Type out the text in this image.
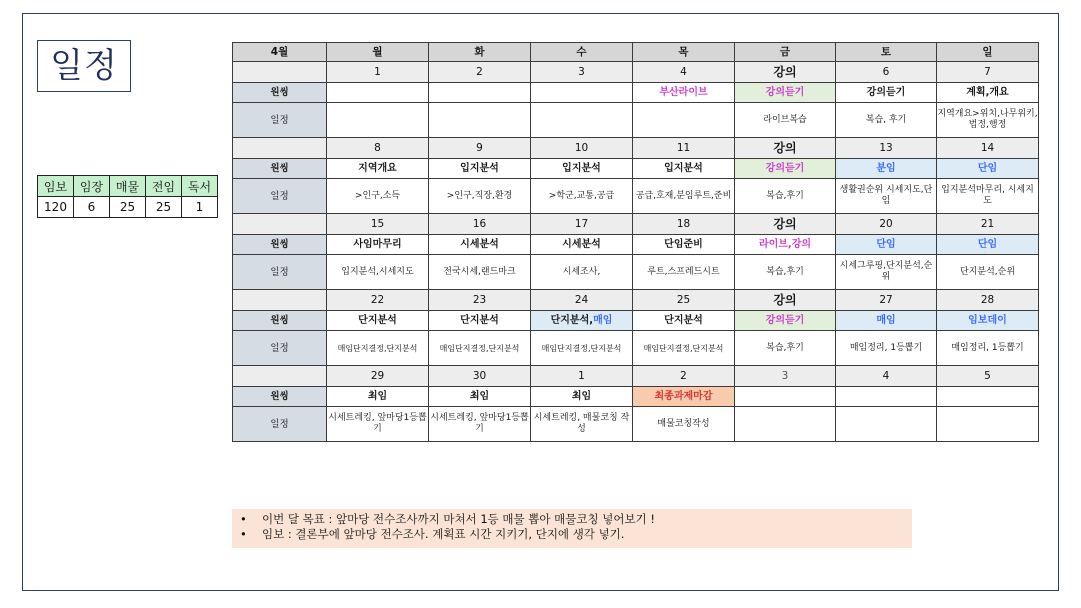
일정
임보	임장	매물	전임	독서
120	6	25	25	1
4월	월	화	수	목	금	토	일
	1	2	3	4	강의	6	7
원씽				부산라이브	강의듣기	강의듣기	계획,개요
일정					라이브복습	복습, 후기	지역개요>위치,나무위키,법정,행정
	8	9	10	11	강의	13	14
원씽	지역개요	입지분석	입지분석	입지분석	강의듣기	분임	단임
일정	>인구,소득	>인구,직장,환경	>학군,교통,공급	공급,호재,분임루트,준비	복습,후기	생활권순위 시세지도,단임	입지분석마무리, 시세지도
	15	16	17	18	강의	20	21
원씽	사임마무리	시세분석	시세분석	단임준비	라이브,강의	단임	단임
일정	입지분석,시세지도	전국시세,랜드마크	시세조사,	루트,스프레드시트	복습,후기	시세그루핑,단지분석,순위	단지분석,순위
	22	23	24	25	강의	27	28
원씽	단지분석	단지분석	단지분석,매임	단지분석	강의듣기	매임	임보데이
일정	매임단지결정,단지분석	매임단지결정,단지분석	매임단지결정,단지분석	매임단지결정,단지분석	복습,후기	매임정리, 1등뽑기	매임정리, 1등뽑기
	29	30	1	2	3	4	5
원씽	최임	최임	최임	최종과제마감			
일정	시세트레킹, 앞마당1등뽑기	시세트레킹, 앞마당1등뽑기	시세트레킹, 매물코칭 작성	매물코칭작성			
• 이번 달 목표 : 앞마당 전수조사까지 마쳐서 1등 매물 뽑아 매물코칭 넣어보기 !
• 임보 : 결론부에 앞마당 전수조사. 계획표 시간 지키기, 단지에 생각 넣기.
